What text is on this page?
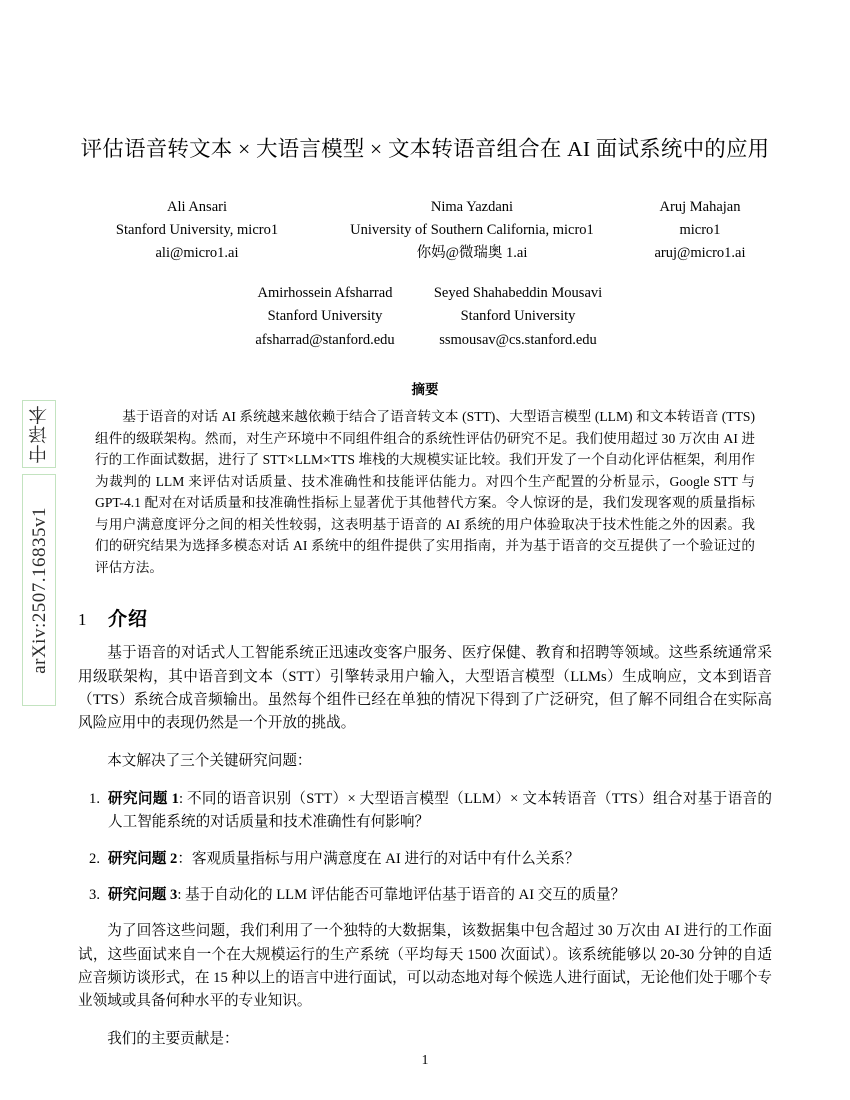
中译本
arXiv:2507.16835v1
评估语音转文本 × 大语言模型 × 文本转语音组合在 AI 面试系统中的应用
Ali Ansari
Stanford University, micro1
ali@micro1.ai
Nima Yazdani
University of Southern California, micro1
你妈@微瑞奥 1.ai
Aruj Mahajan
micro1
aruj@micro1.ai
Amirhossein Afsharrad
Stanford University
afsharrad@stanford.edu
Seyed Shahabeddin Mousavi
Stanford University
ssmousav@cs.stanford.edu
摘要
基于语音的对话 AI 系统越来越依赖于结合了语音转文本 (STT)、大型语言模型 (LLM) 和文本转语音 (TTS) 组件的级联架构。然而，对生产环境中不同组件组合的系统性评估仍研究不足。我们使用超过 30 万次由 AI 进行的工作面试数据，进行了 STT×LLM×TTS 堆栈的大规模实证比较。我们开发了一个自动化评估框架，利用作为裁判的 LLM 来评估对话质量、技术准确性和技能评估能力。对四个生产配置的分析显示，Google STT 与 GPT-4.1 配对在对话质量和技准确性指标上显著优于其他替代方案。令人惊讶的是，我们发现客观的质量指标与用户满意度评分之间的相关性较弱，这表明基于语音的 AI 系统的用户体验取决于技术性能之外的因素。我们的研究结果为选择多模态对话 AI 系统中的组件提供了实用指南，并为基于语音的交互提供了一个验证过的评估方法。
1	介绍

基于语音的对话式人工智能系统正迅速改变客户服务、医疗保健、教育和招聘等领域。这些系统通常采用级联架构，其中语音到文本（STT）引擎转录用户输入，大型语言模型（LLMs）生成响应，文本到语音（TTS）系统合成音频输出。虽然每个组件已经在单独的情况下得到了广泛研究，但了解不同组合在实际高风险应用中的表现仍然是一个开放的挑战。

本文解决了三个关键研究问题：

1. 研究问题 1: 不同的语音识别（STT）× 大型语言模型（LLM）× 文本转语音（TTS）组合对基于语音的人工智能系统的对话质量和技术准确性有何影响？
2. 研究问题 2：客观质量指标与用户满意度在 AI 进行的对话中有什么关系？
3. 研究问题 3: 基于自动化的 LLM 评估能否可靠地评估基于语音的 AI 交互的质量？

为了回答这些问题，我们利用了一个独特的大数据集，该数据集中包含超过 30 万次由 AI 进行的工作面试，这些面试来自一个在大规模运行的生产系统（平均每天 1500 次面试）。该系统能够以 20-30 分钟的自适应音频访谈形式，在 15 种以上的语言中进行面试，可以动态地对每个候选人进行面试，无论他们处于哪个专业领域或具备何种水平的专业知识。

我们的主要贡献是：

1
